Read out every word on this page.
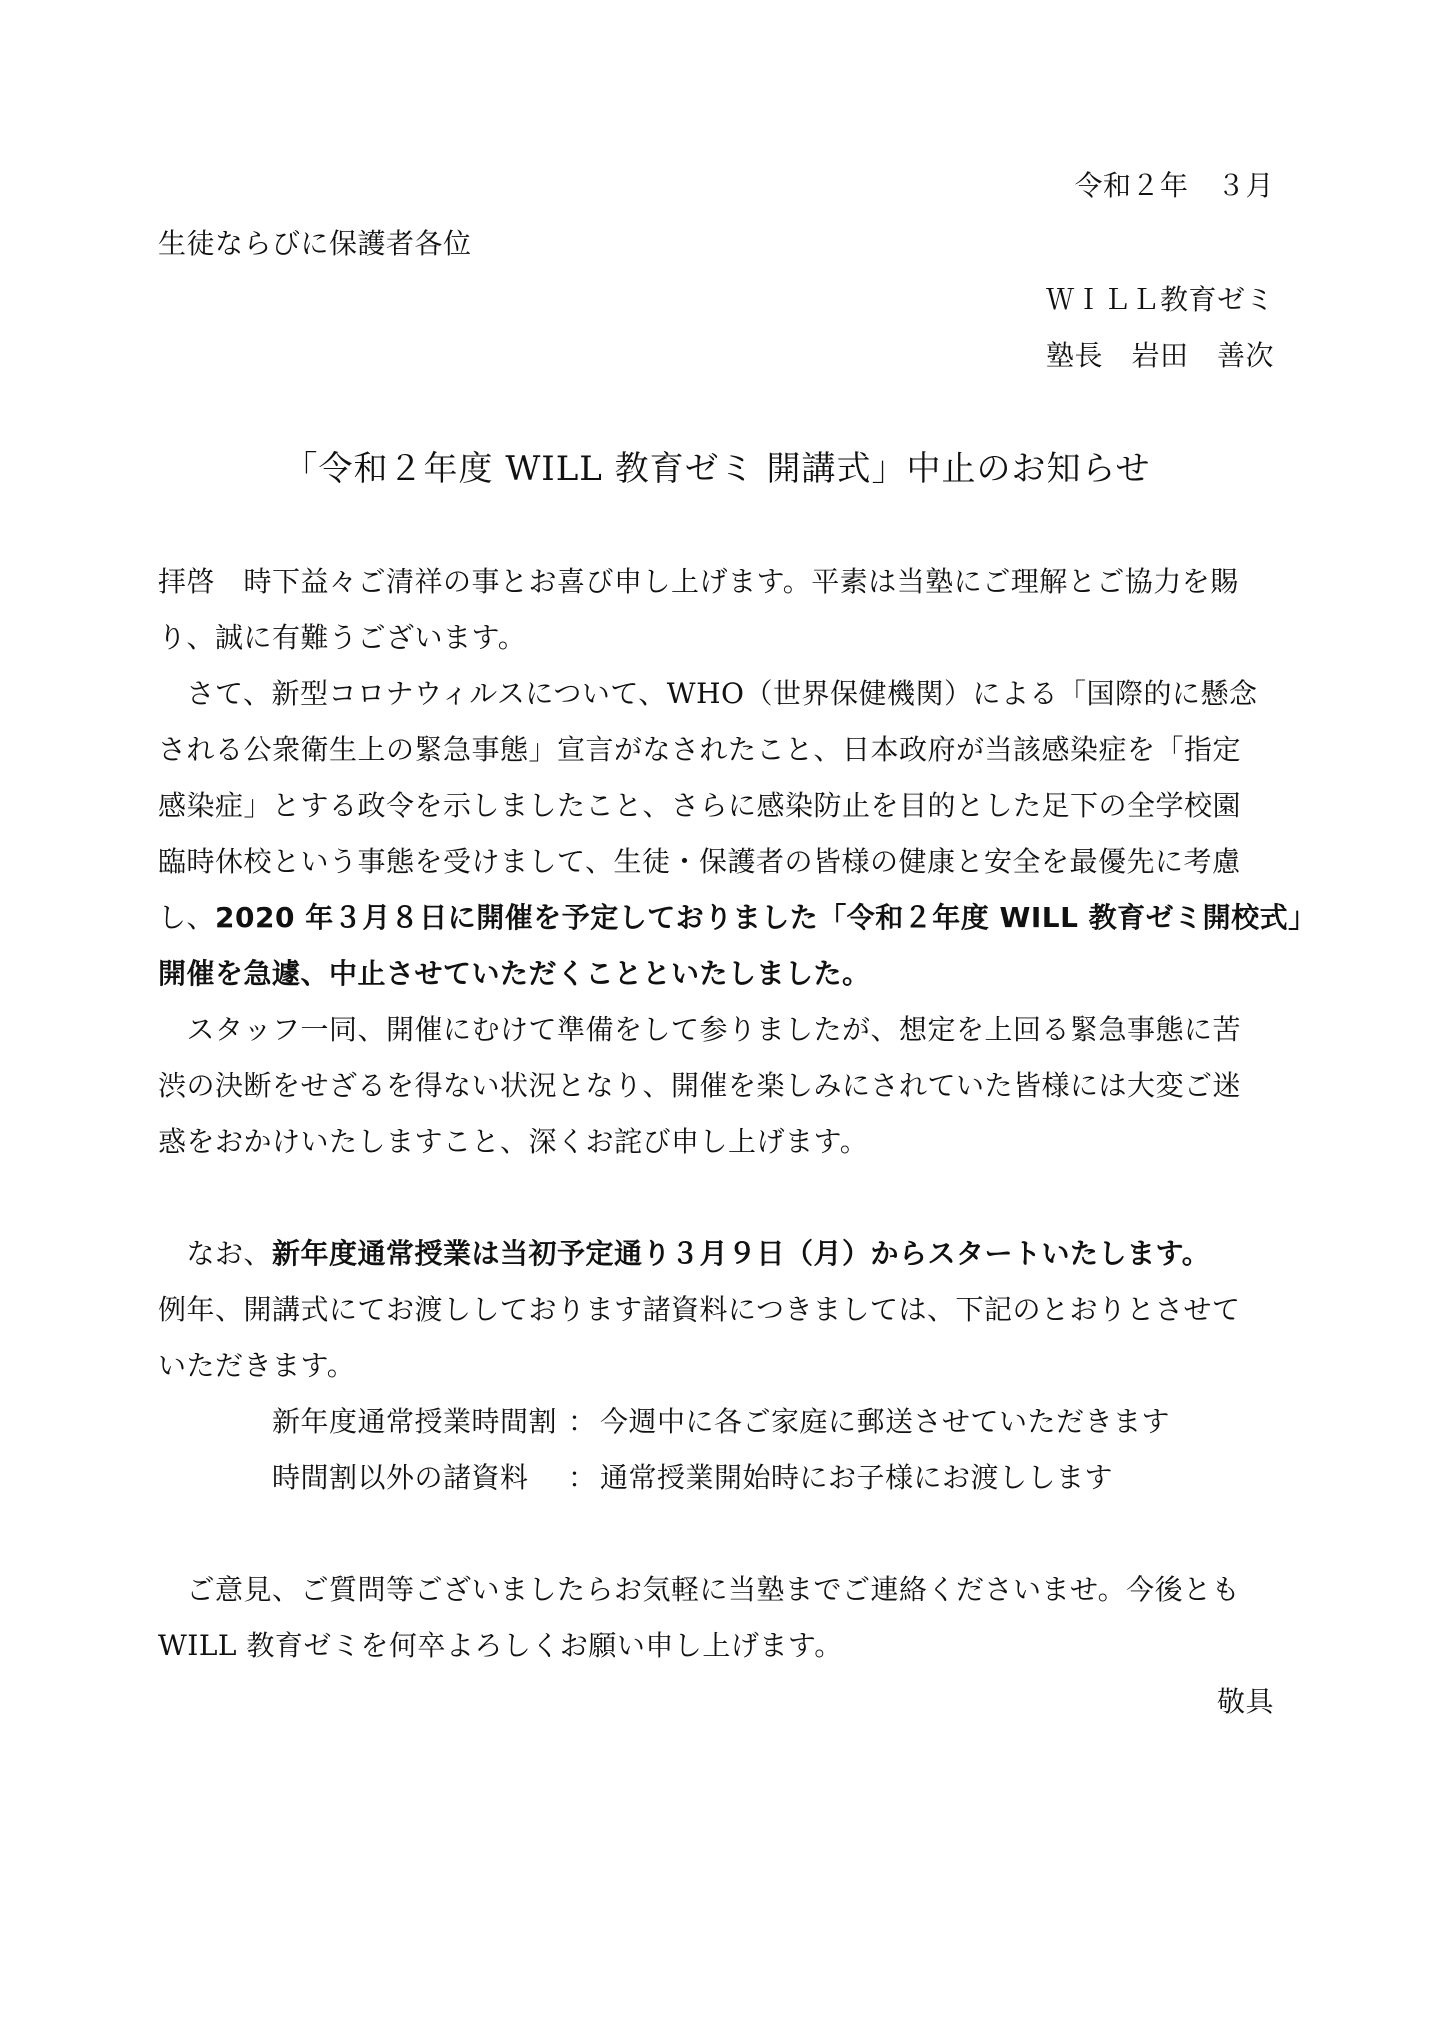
令和２年　３月
生徒ならびに保護者各位
ＷＩＬＬ教育ゼミ
塾長　岩田　善次
「令和２年度 WILL 教育ゼミ 開講式」中止のお知らせ
拝啓　時下益々ご清祥の事とお喜び申し上げます。平素は当塾にご理解とご協力を賜
り、誠に有難うございます。
　さて、新型コロナウィルスについて、WHO（世界保健機関）による「国際的に懸念
される公衆衛生上の緊急事態」宣言がなされたこと、日本政府が当該感染症を「指定
感染症」とする政令を示しましたこと、さらに感染防止を目的とした足下の全学校園
臨時休校という事態を受けまして、生徒・保護者の皆様の健康と安全を最優先に考慮
し、2020 年３月８日に開催を予定しておりました「令和２年度 WILL 教育ゼミ開校式」
開催を急遽、中止させていただくことといたしました。
　スタッフ一同、開催にむけて準備をして参りましたが、想定を上回る緊急事態に苦
渋の決断をせざるを得ない状況となり、開催を楽しみにされていた皆様には大変ご迷
惑をおかけいたしますこと、深くお詫び申し上げます。
　なお、新年度通常授業は当初予定通り３月９日（月）からスタートいたします。
例年、開講式にてお渡ししております諸資料につきましては、下記のとおりとさせて
いただきます。
新年度通常授業時間割 ： 今週中に各ご家庭に郵送させていただきます
時間割以外の諸資料 ： 通常授業開始時にお子様にお渡しします
　ご意見、ご質問等ございましたらお気軽に当塾までご連絡くださいませ。今後とも
WILL 教育ゼミを何卒よろしくお願い申し上げます。
敬具
